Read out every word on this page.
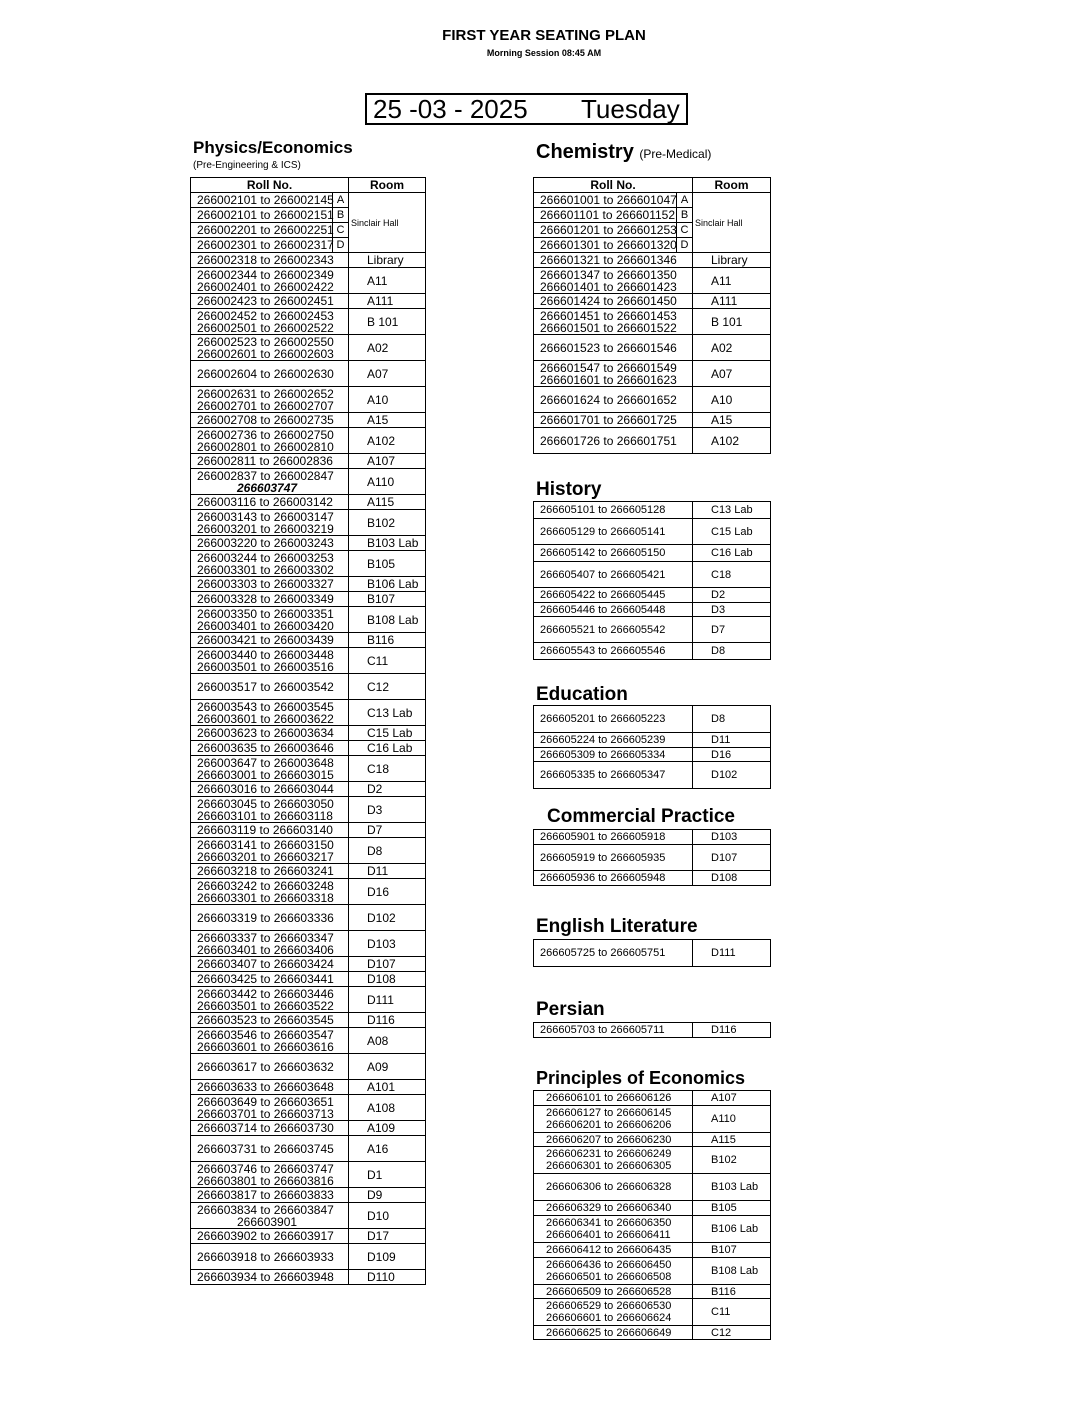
FIRST YEAR SEATING PLAN
Morning Session 08:45 AM
25 -03 - 2025 Tuesday
Physics/Economics
(Pre-Engineering & ICS)
Roll No.	Room

266002101 to 266002145 A	Sinclair Hall

266002101 to 266002151 B	

266002201 to 266002251 C	

266002301 to 266002317 D	

266002318 to 266002343	Library

266002344 to 266002349
266002401 to 266002422	A11

266002423 to 266002451	A111

266002452 to 266002453
266002501 to 266002522	B 101

266002523 to 266002550
266002601 to 266002603	A02

266002604 to 266002630	A07

266002631 to 266002652
266002701 to 266002707	A10

266002708 to 266002735	A15

266002736 to 266002750
266002801 to 266002810	A102

266002811 to 266002836	A107

266002837 to 266002847
266603747	A110

266003116 to 266003142	A115

266003143 to 266003147
266003201 to 266003219	B102

266003220 to 266003243	B103 Lab

266003244 to 266003253
266003301 to 266003302	B105

266003303 to 266003327	B106 Lab

266003328 to 266003349	B107

266003350 to 266003351
266003401 to 266003420	B108 Lab

266003421 to 266003439	B116

266003440 to 266003448
266003501 to 266003516	C11

266003517 to 266003542	C12

266003543 to 266003545
266003601 to 266003622	C13 Lab

266003623 to 266003634	C15 Lab

266003635 to 266003646	C16 Lab

266003647 to 266003648
266603001 to 266603015	C18

266603016 to 266603044	D2

266603045 to 266603050
266603101 to 266603118	D3

266603119 to 266603140	D7

266603141 to 266603150
266603201 to 266603217	D8

266603218 to 266603241	D11

266603242 to 266603248
266603301 to 266603318	D16

266603319 to 266603336	D102

266603337 to 266603347
266603401 to 266603406	D103

266603407 to 266603424	D107

266603425 to 266603441	D108

266603442 to 266603446
266603501 to 266603522	D111

266603523 to 266603545	D116

266603546 to 266603547
266603601 to 266603616	A08

266603617 to 266603632	A09

266603633 to 266603648	A101

266603649 to 266603651
266603701 to 266603713	A108

266603714 to 266603730	A109

266603731 to 266603745	A16

266603746 to 266603747
266603801 to 266603816	D1

266603817 to 266603833	D9

266603834 to 266603847
266603901	D10

266603902 to 266603917	D17

266603918 to 266603933	D109

266603934 to 266603948	D110
Chemistry (Pre-Medical)
Roll No.	Room

266601001 to 266601047 A	Sinclair Hall

266601101 to 266601152 B	

266601201 to 266601253 C	

266601301 to 266601320 D	

266601321 to 266601346	Library

266601347 to 266601350
266601401 to 266601423	A11

266601424 to 266601450	A111

266601451 to 266601453
266601501 to 266601522	B 101

266601523 to 266601546	A02

266601547 to 266601549
266601601 to 266601623	A07

266601624 to 266601652	A10

266601701 to 266601725	A15

266601726 to 266601751	A102
History
266605101 to 266605128	C13 Lab

266605129 to 266605141	C15 Lab

266605142 to 266605150	C16 Lab

266605407 to 266605421	C18

266605422 to 266605445	D2

266605446 to 266605448	D3

266605521 to 266605542	D7

266605543 to 266605546	D8
Education
266605201 to 266605223	D8

266605224 to 266605239	D11

266605309 to 266605334	D16

266605335 to 266605347	D102
Commercial Practice
266605901 to 266605918	D103

266605919 to 266605935	D107

266605936 to 266605948	D108
English Literature
266605725 to 266605751	D111
Persian
266605703 to 266605711	D116
Principles of Economics
266606101 to 266606126	A107

266606127 to 266606145
266606201 to 266606206	A110

266606207 to 266606230	A115

266606231 to 266606249
266606301 to 266606305	B102

266606306 to 266606328	B103 Lab

266606329 to 266606340	B105

266606341 to 266606350
266606401 to 266606411	B106 Lab

266606412 to 266606435	B107

266606436 to 266606450
266606501 to 266606508	B108 Lab

266606509 to 266606528	B116

266606529 to 266606530
266606601 to 266606624	C11

266606625 to 266606649	C12
